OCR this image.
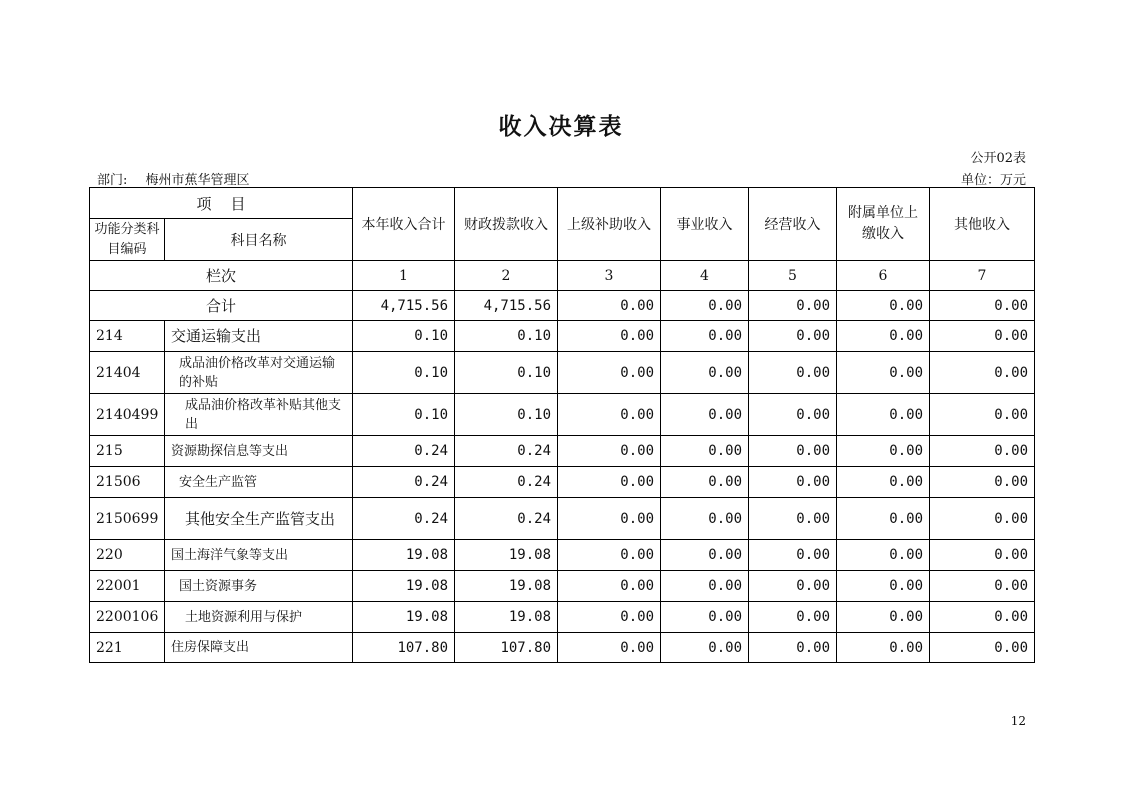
收入决算表
公开02表
部门: 梅州市蕉华管理区	单位：万元
项    目		本年收入合计	财政拨款收入	上级补助收入	事业收入	经营收入	附属单位上缴收入	其他收入
功能分类科目编码	科目名称							
栏次		1	2	3	4	5	6	7
合计		4,715.56	4,715.56	0.00	0.00	0.00	0.00	0.00
214	交通运输支出	0.10	0.10	0.00	0.00	0.00	0.00	0.00
21404	成品油价格改革对交通运输的补贴	0.10	0.10	0.00	0.00	0.00	0.00	0.00
2140499	成品油价格改革补贴其他支出	0.10	0.10	0.00	0.00	0.00	0.00	0.00
215	资源勘探信息等支出	0.24	0.24	0.00	0.00	0.00	0.00	0.00
21506	安全生产监管	0.24	0.24	0.00	0.00	0.00	0.00	0.00
2150699	其他安全生产监管支出	0.24	0.24	0.00	0.00	0.00	0.00	0.00
220	国土海洋气象等支出	19.08	19.08	0.00	0.00	0.00	0.00	0.00
22001	国土资源事务	19.08	19.08	0.00	0.00	0.00	0.00	0.00
2200106	土地资源利用与保护	19.08	19.08	0.00	0.00	0.00	0.00	0.00
221	住房保障支出	107.80	107.80	0.00	0.00	0.00	0.00	0.00
12
